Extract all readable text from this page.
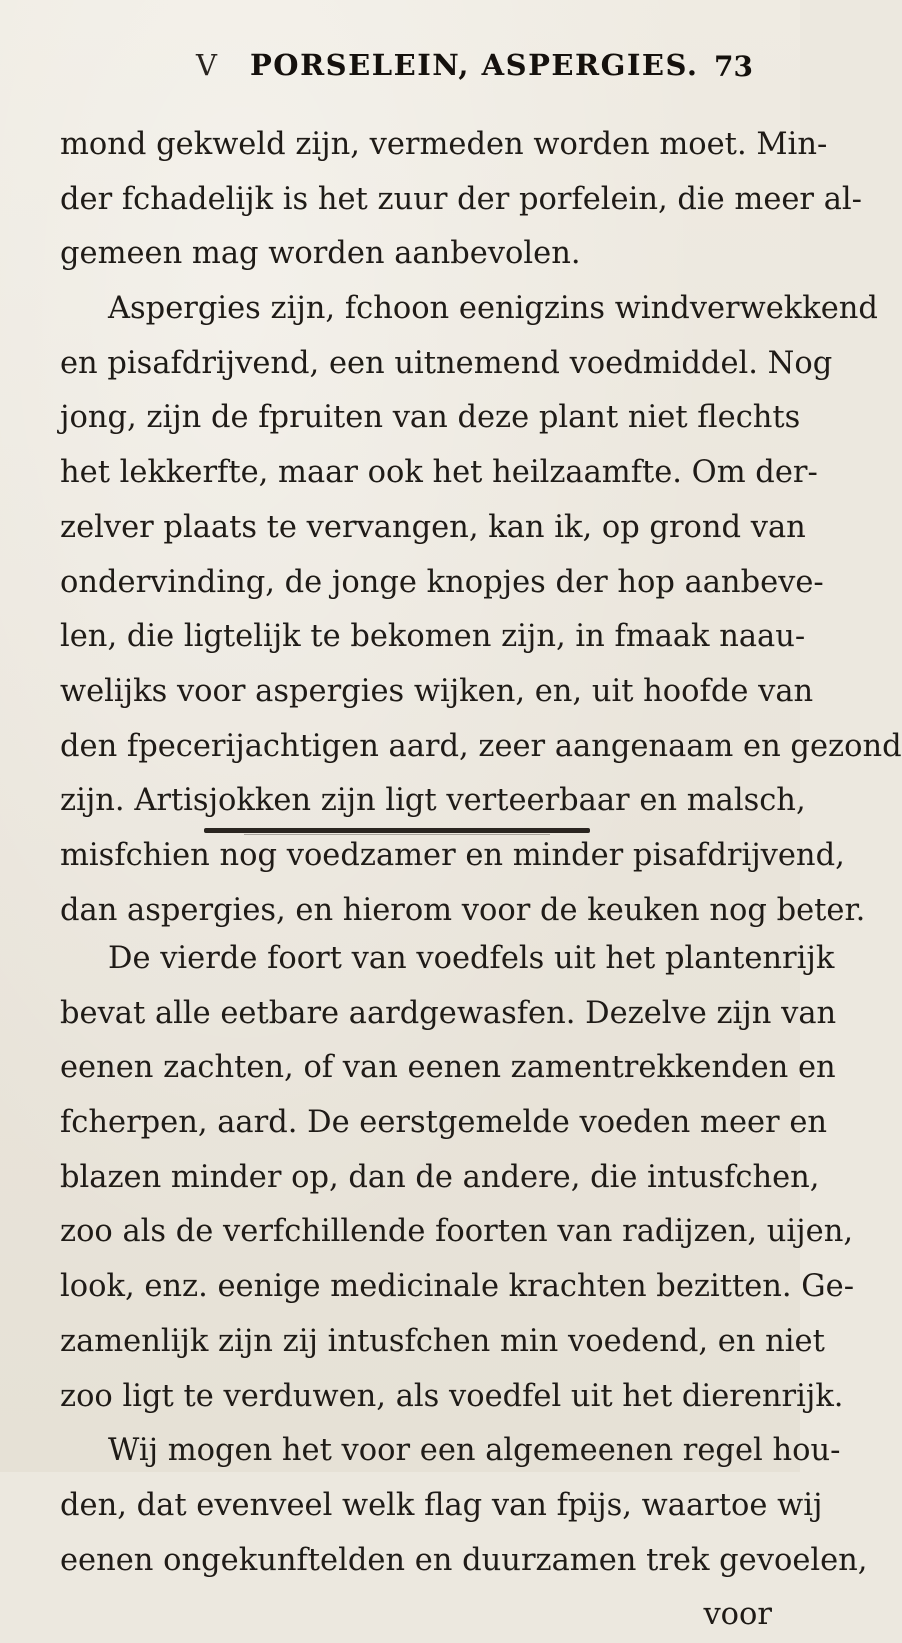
V PORSELEIN, ASPERGIES. 73
mond gekweld zijn, vermeden worden moet. Min-
der fchadelijk is het zuur der porfelein, die meer al-
gemeen mag worden aanbevolen.
Aspergies zijn, fchoon eenigzins windverwekkend
en pisafdrijvend, een uitnemend voedmiddel. Nog
jong, zijn de fpruiten van deze plant niet flechts
het lekkerfte, maar ook het heilzaamfte. Om der-
zelver plaats te vervangen, kan ik, op grond van
ondervinding, de jonge knopjes der hop aanbeve-
len, die ligtelijk te bekomen zijn, in fmaak naau-
welijks voor aspergies wijken, en, uit hoofde van
den fpecerijachtigen aard, zeer aangenaam en gezond
zijn. Artisjokken zijn ligt verteerbaar en malsch,
misfchien nog voedzamer en minder pisafdrijvend,
dan aspergies, en hierom voor de keuken nog beter.
De vierde foort van voedfels uit het plantenrijk
bevat alle eetbare aardgewasfen. Dezelve zijn van
eenen zachten, of van eenen zamentrekkenden en
fcherpen, aard. De eerstgemelde voeden meer en
blazen minder op, dan de andere, die intusfchen,
zoo als de verfchillende foorten van radijzen, uijen,
look, enz. eenige medicinale krachten bezitten. Ge-
zamenlijk zijn zij intusfchen min voedend, en niet
zoo ligt te verduwen, als voedfel uit het dierenrijk.
Wij mogen het voor een algemeenen regel hou-
den, dat evenveel welk flag van fpijs, waartoe wij
eenen ongekunftelden en duurzamen trek gevoelen,
voor
